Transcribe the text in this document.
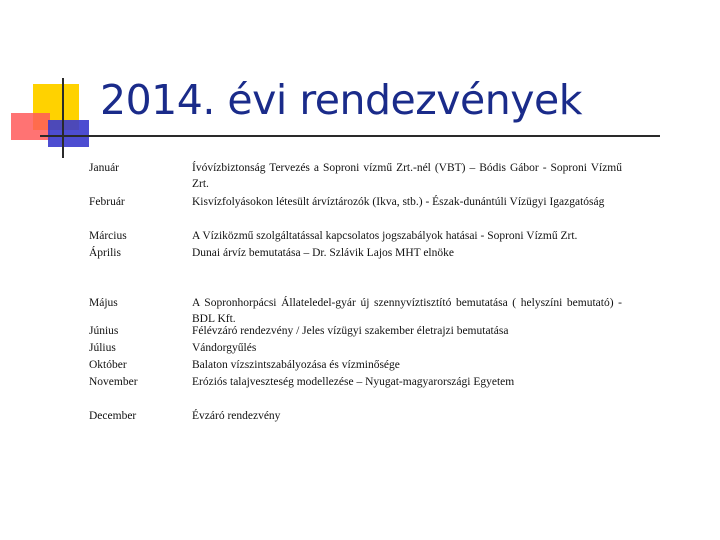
2014. évi rendezvények
Január	Ívóvízbiztonság Tervezés a Soproni vízmű Zrt.-nél (VBT) – Bódis Gábor - Soproni Vízmű Zrt.
Február	Kisvízfolyásokon létesült árvíztározók (Ikva, stb.) - Észak-dunántúli Vízügyi Igazgatóság
Március	A Víziközmű szolgáltatással kapcsolatos jogszabályok hatásai - Soproni Vízmű Zrt.
Április	Dunai árvíz bemutatása – Dr. Szlávik Lajos MHT elnöke
Május	A Sopronhorpácsi Állateledel-gyár új szennyvíztisztító bemutatása ( helyszíni bemutató) - BDL Kft.
Június	Félévzáró rendezvény / Jeles vízügyi szakember életrajzi bemutatása
Július	Vándorgyűlés
Október	Balaton vízszintszabályozása és vízminősége
November	Eróziós talajveszteség modellezése – Nyugat-magyarországi Egyetem
December	Évzáró rendezvény
